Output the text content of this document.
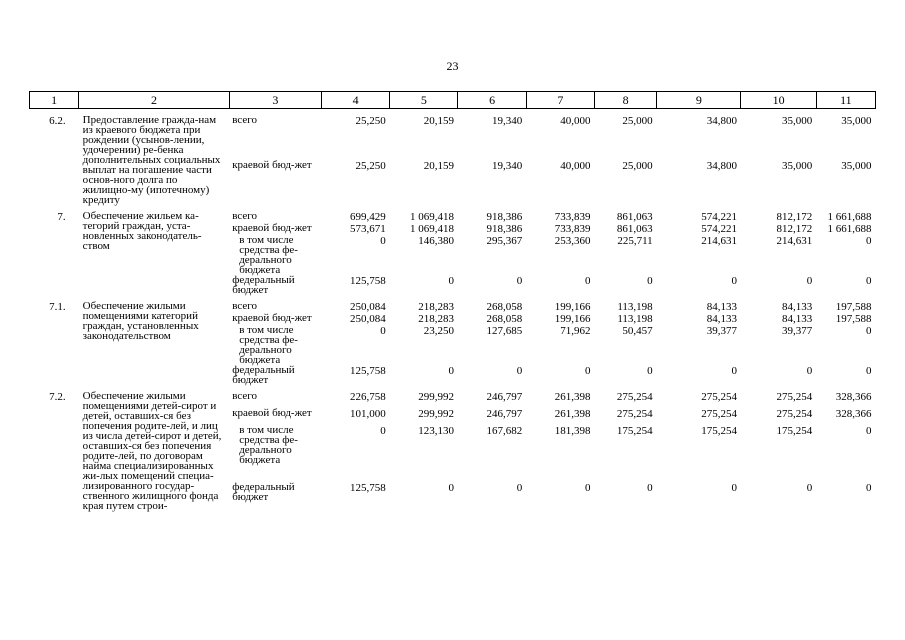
23
1	2	3	4	5	6	7	8	9	10	11

6.2.	Предоставление гражда-нам из краевого бюджета при рождении (усынов-лении, удочерении) ре-бенка дополнительных социальных выплат на погашение части основ-ного долга по жилищно-му (ипотечному) кредиту	всего	25,250	20,159	19,340	40,000	25,000	34,800	35,000	35,000
		краевой бюд-жет	25,250	20,159	19,340	40,000	25,000	34,800	35,000	35,000

7.	Обеспечение жильем ка-тегорий граждан, уста-новленных законодатель-ством	всего	699,429	1 069,418	918,386	733,839	861,063	574,221	812,172	1 661,688
		краевой бюд-жет	573,671	1 069,418	918,386	733,839	861,063	574,221	812,172	1 661,688
		в том числе средства фе-дерального бюджета	0	146,380	295,367	253,360	225,711	214,631	214,631	0
		федеральный бюджет	125,758	0	0	0	0	0	0	0

7.1.	Обеспечение жилыми помещениями категорий граждан, установленных законодательством	всего	250,084	218,283	268,058	199,166	113,198	84,133	84,133	197,588
		краевой бюд-жет	250,084	218,283	268,058	199,166	113,198	84,133	84,133	197,588
		в том числе средства фе-дерального бюджета	0	23,250	127,685	71,962	50,457	39,377	39,377	0
		федеральный бюджет	125,758	0	0	0	0	0	0	0

7.2.	Обеспечение жилыми помещениями детей-сирот и детей, оставших-ся без попечения родите-лей, и лиц из числа детей-сирот и детей, оставших-ся без попечения родите-лей, по договорам найма специализированных жи-лых помещений специа-лизированного государ-ственного жилищного фонда края путем строи-	всего	226,758	299,992	246,797	261,398	275,254	275,254	275,254	328,366
		краевой бюд-жет	101,000	299,992	246,797	261,398	275,254	275,254	275,254	328,366
		в том числе средства фе-дерального бюджета	0	123,130	167,682	181,398	175,254	175,254	175,254	0
		федеральный бюджет	125,758	0	0	0	0	0	0	0
